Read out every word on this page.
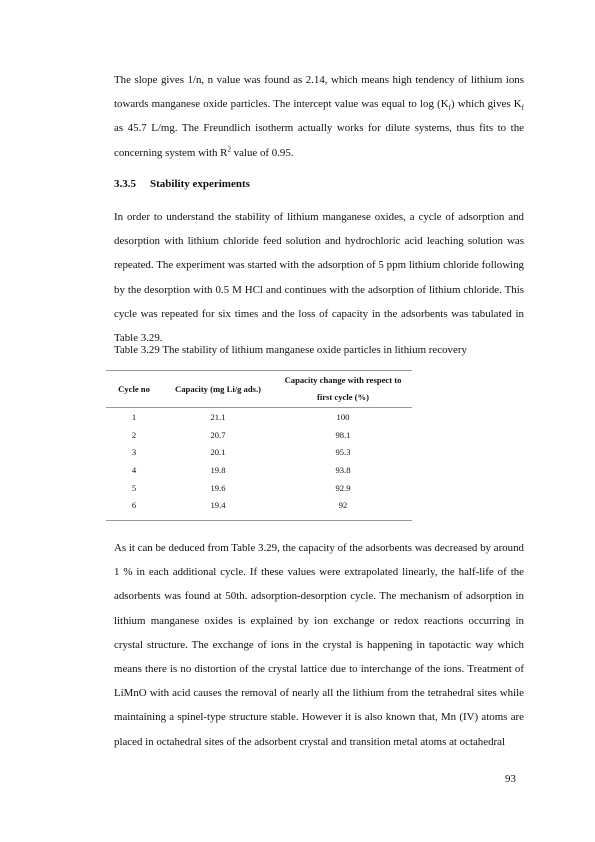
The slope gives 1/n, n value was found as 2.14, which means high tendency of lithium ions towards manganese oxide particles. The intercept value was equal to $\log (K_f)$ which gives $K_f$ as 45.7 L/mg. The Freundlich isotherm actually works for dilute systems, thus fits to the concerning system with $R^2$ value of 0.95.

3.3.5 Stability experiments

In order to understand the stability of lithium manganese oxides, a cycle of adsorption and desorption with lithium chloride feed solution and hydrochloric acid leaching solution was repeated. The experiment was started with the adsorption of 5 ppm lithium chloride following by the desorption with 0.5 M HCl and continues with the adsorption of lithium chloride. This cycle was repeated for six times and the loss of capacity in the adsorbents was tabulated in Table 3.29.

Table 3.29 The stability of lithium manganese oxide particles in lithium recovery

Cycle no	Capacity (mg Li/g ads.)	Capacity change with respect to first cycle (%)
1	21.1	100
2	20.7	98.1
3	20.1	95.3
4	19.8	93.8
5	19.6	92.9
6	19.4	92

As it can be deduced from Table 3.29, the capacity of the adsorbents was decreased by around 1 % in each additional cycle. If these values were extrapolated linearly, the half-life of the adsorbents was found at 50th. adsorption-desorption cycle. The mechanism of adsorption in lithium manganese oxides is explained by ion exchange or redox reactions occurring in crystal structure. The exchange of ions in the crystal is happening in tapotactic way which means there is no distortion of the crystal lattice due to interchange of the ions. Treatment of LiMnO with acid causes the removal of nearly all the lithium from the tetrahedral sites while maintaining a spinel-type structure stable. However it is also known that, Mn (IV) atoms are placed in octahedral sites of the adsorbent crystal and transition metal atoms at octahedral

93
